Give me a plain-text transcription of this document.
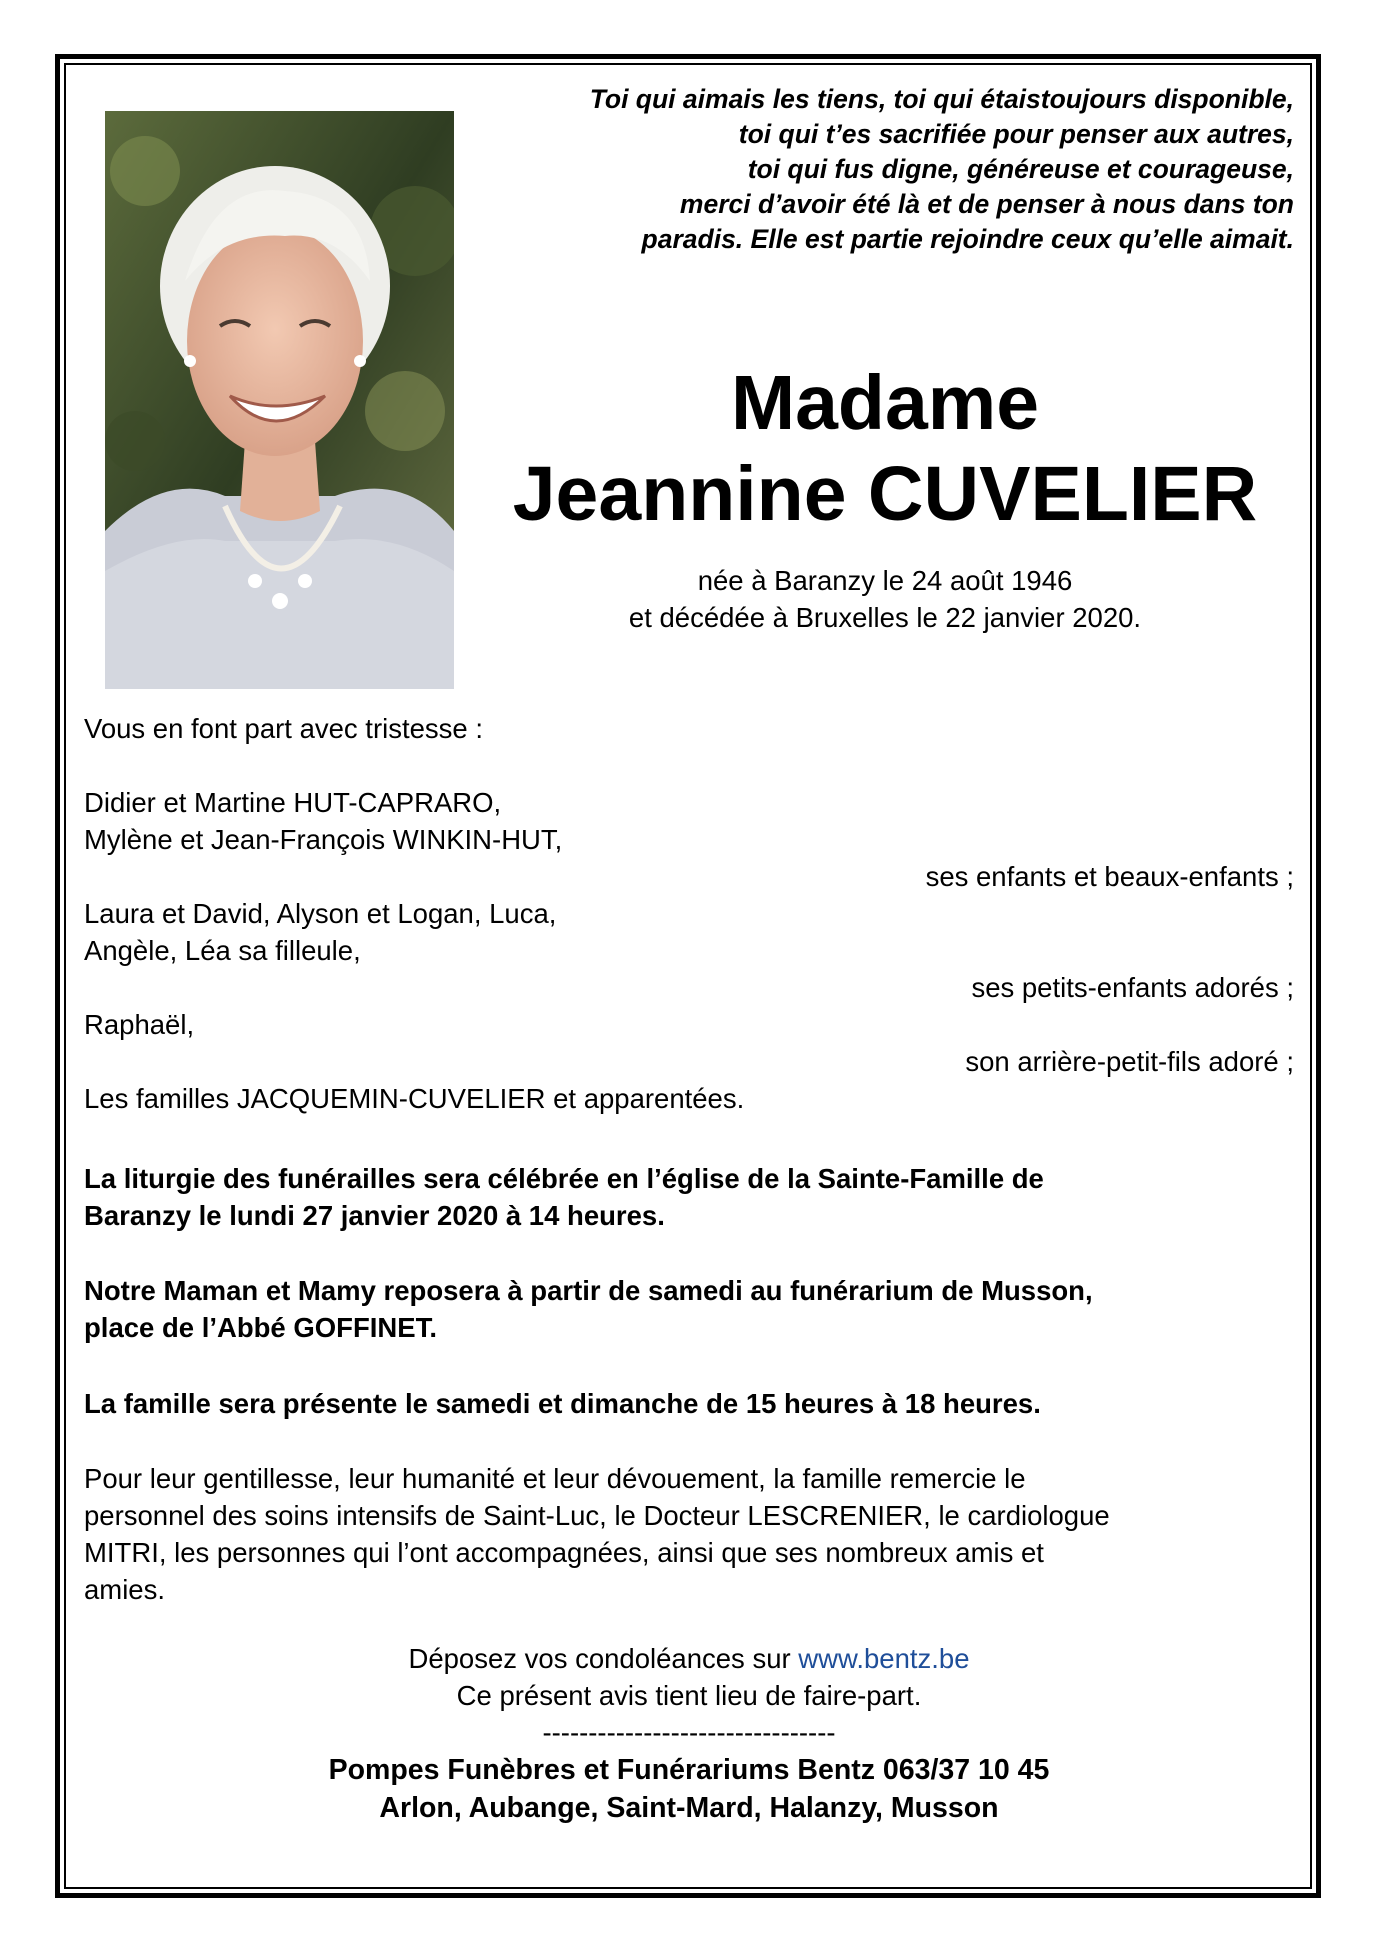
Toi qui aimais les tiens, toi qui étaistoujours disponible,
toi qui t’es sacrifiée pour penser aux autres,
toi qui fus digne, généreuse et courageuse,
merci d’avoir été là et de penser à nous dans ton
paradis. Elle est partie rejoindre ceux qu’elle aimait.
Madame
Jeannine CUVELIER
née à Baranzy le 24 août 1946
et décédée à Bruxelles le 22 janvier 2020.
Vous en font part avec tristesse :

Didier et Martine HUT-CAPRARO,
Mylène et Jean-François WINKIN-HUT,
ses enfants et beaux-enfants ;
Laura et David, Alyson et Logan, Luca,
Angèle, Léa sa filleule,
ses petits-enfants adorés ;
Raphaël,
son arrière-petit-fils adoré ;
Les familles JACQUEMIN-CUVELIER et apparentées.
La liturgie des funérailles sera célébrée en l’église de la Sainte-Famille de
Baranzy le lundi 27 janvier 2020 à 14 heures.
Notre Maman et Mamy reposera à partir de samedi au funérarium de Musson,
place de l’Abbé GOFFINET.
La famille sera présente le samedi et dimanche de 15 heures à 18 heures.
Pour leur gentillesse, leur humanité et leur dévouement, la famille remercie le
personnel des soins intensifs de Saint-Luc, le Docteur LESCRENIER, le cardiologue
MITRI, les personnes qui l’ont accompagnées, ainsi que ses nombreux amis et
amies.
Déposez vos condoléances sur www.bentz.be
Ce présent avis tient lieu de faire-part.
--------------------------------
Pompes Funèbres et Funérariums Bentz 063/37 10 45
Arlon, Aubange, Saint-Mard, Halanzy, Musson
